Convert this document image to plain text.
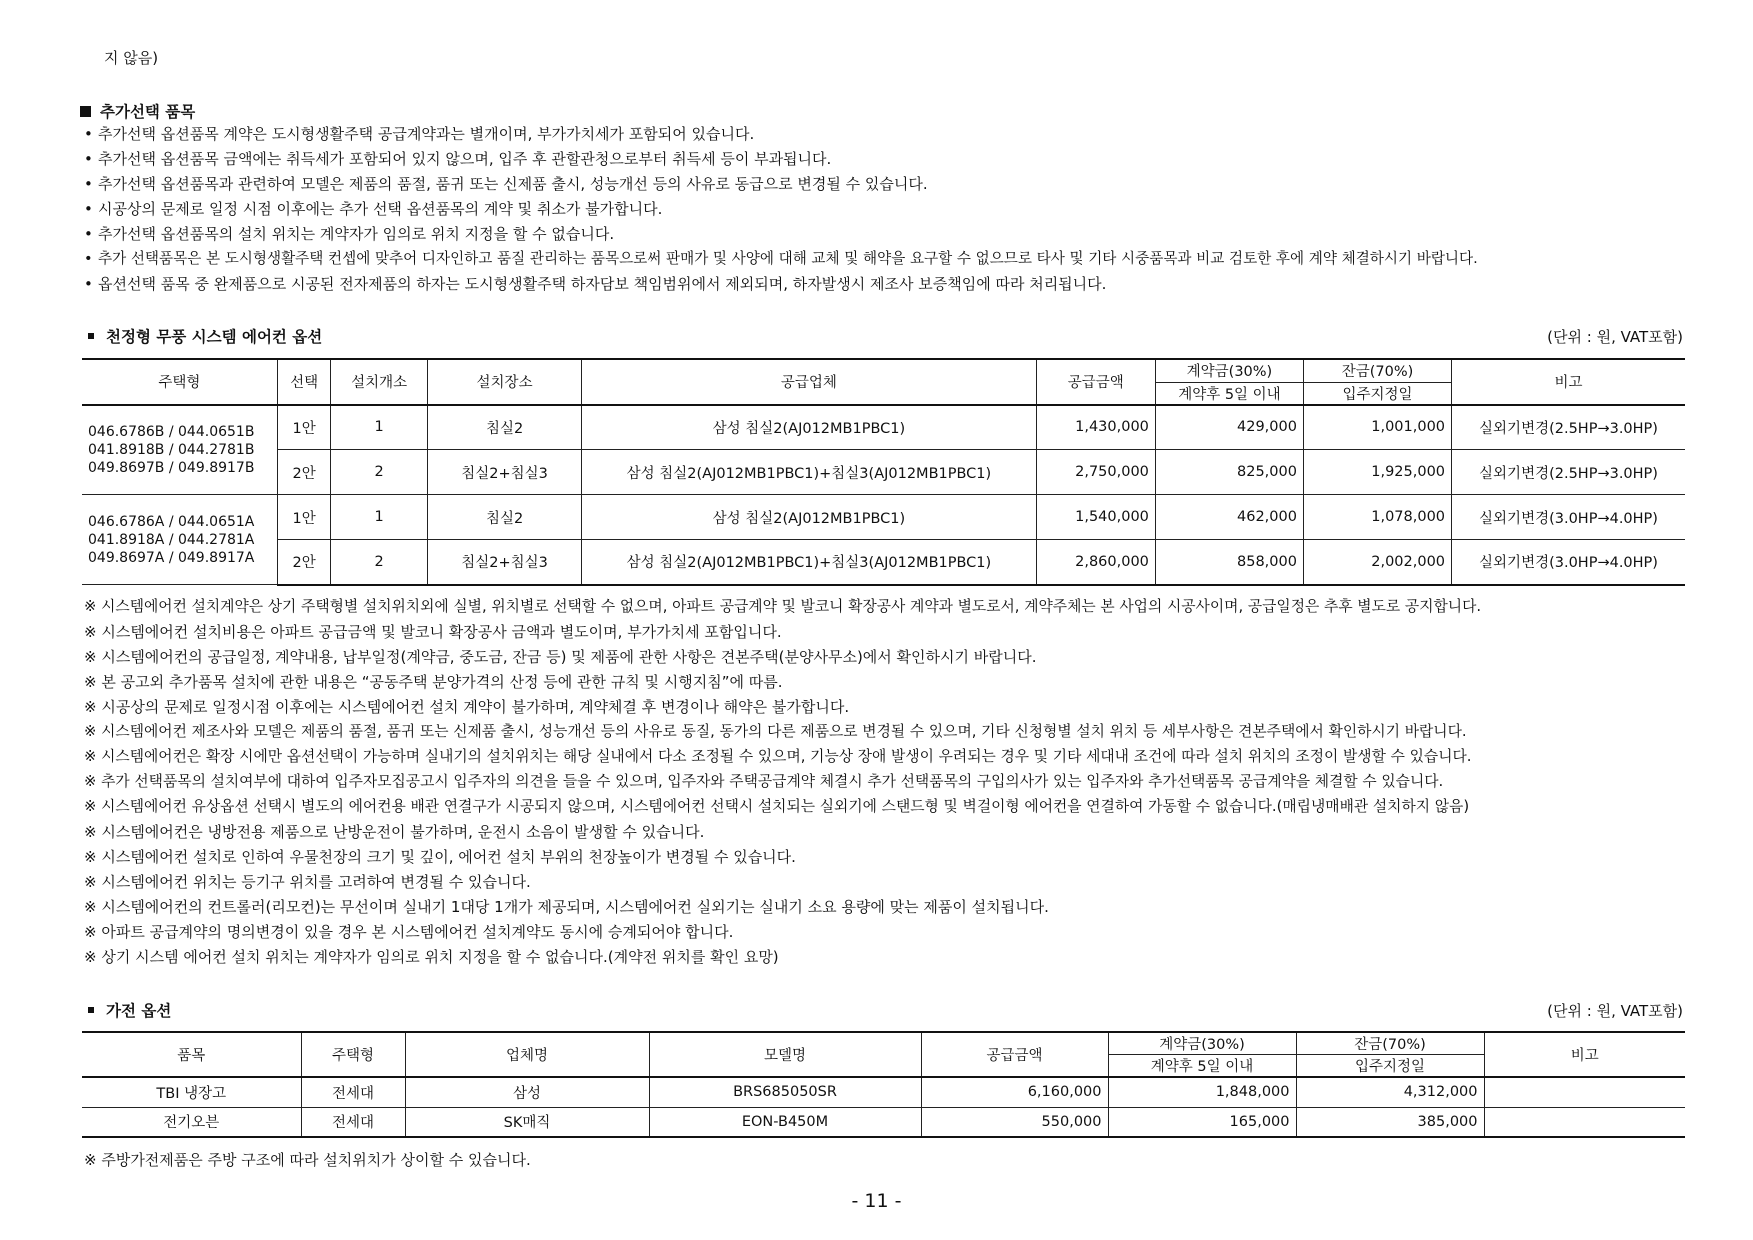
지 않음)
추가선택 품목
• 추가선택 옵션품목 계약은 도시형생활주택 공급계약과는 별개이며, 부가가치세가 포함되어 있습니다.
• 추가선택 옵션품목 금액에는 취득세가 포함되어 있지 않으며, 입주 후 관할관청으로부터 취득세 등이 부과됩니다.
• 추가선택 옵션품목과 관련하여 모델은 제품의 품절, 품귀 또는 신제품 출시, 성능개선 등의 사유로 동급으로 변경될 수 있습니다.
• 시공상의 문제로 일정 시점 이후에는 추가 선택 옵션품목의 계약 및 취소가 불가합니다.
• 추가선택 옵션품목의 설치 위치는 계약자가 임의로 위치 지정을 할 수 없습니다.
• 추가 선택품목은 본 도시형생활주택 컨셉에 맞추어 디자인하고 품질 관리하는 품목으로써 판매가 및 사양에 대해 교체 및 해약을 요구할 수 없으므로 타사 및 기타 시중품목과 비교 검토한 후에 계약 체결하시기 바랍니다.
• 옵션선택 품목 중 완제품으로 시공된 전자제품의 하자는 도시형생활주택 하자담보 책임범위에서 제외되며, 하자발생시 제조사 보증책임에 따라 처리됩니다.
천정형 무풍 시스템 에어컨 옵션	(단위 : 원, VAT포함)
주택형	선택	설치개소	설치장소	공급업체	공급금액	계약금(30%)	잔금(70%)	비고
						계약후 5일 이내	입주지정일	

046.6786B / 044.0651B
041.8918B / 044.2781B
049.8697B / 049.8917B	1안	1	침실2	삼성 침실2(AJ012MB1PBC1)	1,430,000	429,000	1,001,000	실외기변경(2.5HP→3.0HP)
	2안	2	침실2+침실3	삼성 침실2(AJ012MB1PBC1)+침실3(AJ012MB1PBC1)	2,750,000	825,000	1,925,000	실외기변경(2.5HP→3.0HP)

046.6786A / 044.0651A
041.8918A / 044.2781A
049.8697A / 049.8917A	1안	1	침실2	삼성 침실2(AJ012MB1PBC1)	1,540,000	462,000	1,078,000	실외기변경(3.0HP→4.0HP)
	2안	2	침실2+침실3	삼성 침실2(AJ012MB1PBC1)+침실3(AJ012MB1PBC1)	2,860,000	858,000	2,002,000	실외기변경(3.0HP→4.0HP)
※ 시스템에어컨 설치계약은 상기 주택형별 설치위치외에 실별, 위치별로 선택할 수 없으며, 아파트 공급계약 및 발코니 확장공사 계약과 별도로서, 계약주체는 본 사업의 시공사이며, 공급일정은 추후 별도로 공지합니다.
※ 시스템에어컨 설치비용은 아파트 공급금액 및 발코니 확장공사 금액과 별도이며, 부가가치세 포함입니다.
※ 시스템에어컨의 공급일정, 계약내용, 납부일정(계약금, 중도금, 잔금 등) 및 제품에 관한 사항은 견본주택(분양사무소)에서 확인하시기 바랍니다.
※ 본 공고외 추가품목 설치에 관한 내용은 “공동주택 분양가격의 산정 등에 관한 규칙 및 시행지침”에 따름.
※ 시공상의 문제로 일정시점 이후에는 시스템에어컨 설치 계약이 불가하며, 계약체결 후 변경이나 해약은 불가합니다.
※ 시스템에어컨 제조사와 모델은 제품의 품절, 품귀 또는 신제품 출시, 성능개선 등의 사유로 동질, 동가의 다른 제품으로 변경될 수 있으며, 기타 신청형별 설치 위치 등 세부사항은 견본주택에서 확인하시기 바랍니다.
※ 시스템에어컨은 확장 시에만 옵션선택이 가능하며 실내기의 설치위치는 해당 실내에서 다소 조정될 수 있으며, 기능상 장애 발생이 우려되는 경우 및 기타 세대내 조건에 따라 설치 위치의 조정이 발생할 수 있습니다.
※ 추가 선택품목의 설치여부에 대하여 입주자모집공고시 입주자의 의견을 들을 수 있으며, 입주자와 주택공급계약 체결시 추가 선택품목의 구입의사가 있는 입주자와 추가선택품목 공급계약을 체결할 수 있습니다.
※ 시스템에어컨 유상옵션 선택시 별도의 에어컨용 배관 연결구가 시공되지 않으며, 시스템에어컨 선택시 설치되는 실외기에 스탠드형 및 벽걸이형 에어컨을 연결하여 가동할 수 없습니다.(매립냉매배관 설치하지 않음)
※ 시스템에어컨은 냉방전용 제품으로 난방운전이 불가하며, 운전시 소음이 발생할 수 있습니다.
※ 시스템에어컨 설치로 인하여 우물천장의 크기 및 깊이, 에어컨 설치 부위의 천장높이가 변경될 수 있습니다.
※ 시스템에어컨 위치는 등기구 위치를 고려하여 변경될 수 있습니다.
※ 시스템에어컨의 컨트롤러(리모컨)는 무선이며 실내기 1대당 1개가 제공되며, 시스템에어컨 실외기는 실내기 소요 용량에 맞는 제품이 설치됩니다.
※ 아파트 공급계약의 명의변경이 있을 경우 본 시스템에어컨 설치계약도 동시에 승계되어야 합니다.
※ 상기 시스템 에어컨 설치 위치는 계약자가 임의로 위치 지정을 할 수 없습니다.(계약전 위치를 확인 요망)
가전 옵션	(단위 : 원, VAT포함)
품목	주택형	업체명	모델명	공급금액	계약금(30%)	잔금(70%)	비고
					계약후 5일 이내	입주지정일	
TBI 냉장고	전세대	삼성	BRS685050SR	6,160,000	1,848,000	4,312,000	
전기오븐	전세대	SK매직	EON-B450M	550,000	165,000	385,000	
※ 주방가전제품은 주방 구조에 따라 설치위치가 상이할 수 있습니다.
- 11 -
